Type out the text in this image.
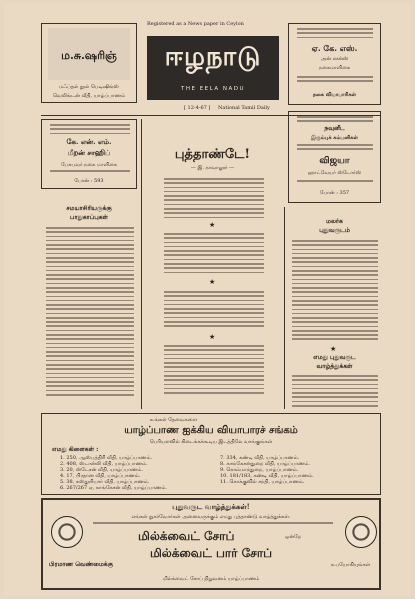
Registered as a News paper in Ceylon
ம.சு.ஷரிஞ்
மஃப்தல் நூல் பெடிஷிங்ஸ்
வெலிங்டன் வீதி, யாழ்ப்பாணம்
ஈழநாடு
THE EELA NADU
[ 12-4-67 ] National Tamil Daily
ஏ. கே. எஸ்.
அன் ஸன்ஸ்
நகைமாளிகை
நகை வியாபாரிகள்
கே. என். எம்.
மீறன் சாஹிப்
பேசுபவர் நகை மாளிகை
போன் : 593
நவுனீட
இரும்புக் கம்பனிகள்
விஜயா
ஹாட்வேயர் ஸ்டோர்ஸ்
போன் : 357
சமயாசிரியருக்கு
பாதுகாப்புகள்
புத்தாண்டே!
— இ. நாவாலூர் —
★
★
★
மலர்க
புதுவருடம்
★
எமது புதுவருட
வாழ்த்துக்கள்
உங்கள் தேவைகளை
யாழ்ப்பாண ஐக்கிய வியாபாரச் சங்கம்
பெரியளவில் கிடைக்கக்கூடிய இடத்திலே வாங்குங்கள்
எமது கிளைகள் :
1. 250, ஆஸ்பத்திரி வீதி, யாழ்ப்பாணம்.
2. 408, ஸ்டான்லி வீதி, யாழ்ப்பாணம்.
3. 20, ஸ்டேசன் வீதி, யாழ்ப்பாணம்.
4. 17, பிரதான வீதி, யாழ்ப்பாணம்.
5. 38, கஸ்தூரியார் வீதி, யாழ்ப்பாணம்.
6. 267/267 ஏ, காங்கேசன் வீதி, யாழ்ப்பாணம்.
7. 334, கண்டி வீதி, யாழ்ப்பாணம்.
8. காங்கேசன்துறை வீதி, யாழ்ப்பாணம்.
9. கொம்மாந்துறை, யாழ்ப்பாணம்.
10. 181/183, கண்டி வீதி, யாழ்ப்பாணம்.
11. கொக்குவில் சந்தி, யாழ்ப்பாணம்.
புதுவருட வாழ்த்துக்கள்!
எங்கள் நுகர்வோர்கள் அனைவருக்கும் எமது புத்தாண்டு வாழ்த்துக்கள்.
மில்க்வைட் சோப்	ஒன்றே
மில்க்வைட் பார் சோப்
பிரமாண வெண்மைக்கு	உபயோகியுங்கள்
மில்க்வைட் சோப் நிறுவனம் யாழ்ப்பாணம்
